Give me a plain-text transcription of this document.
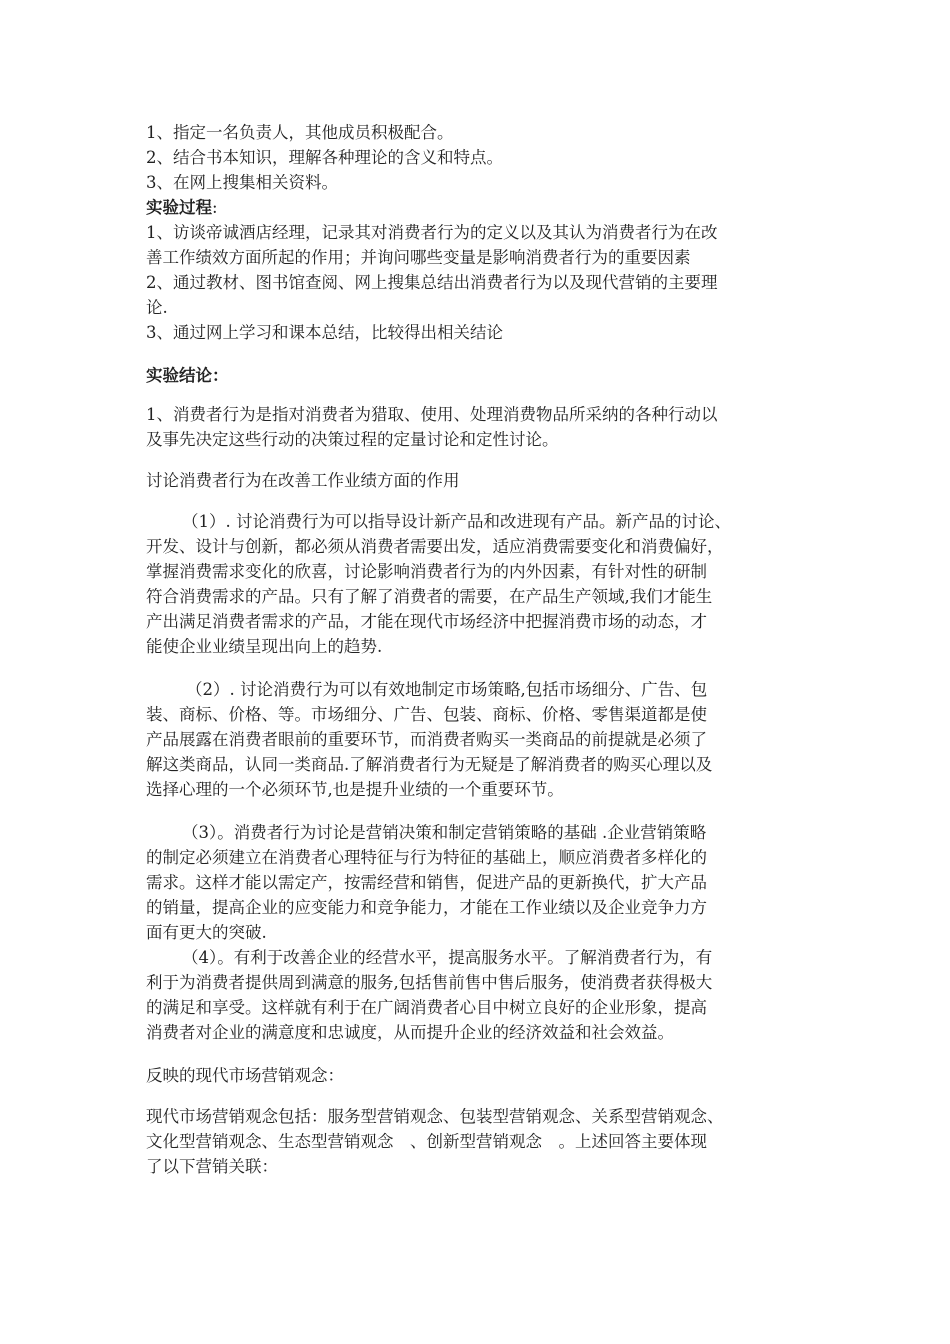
1、指定一名负责人，其他成员积极配合。
2、结合书本知识，理解各种理论的含义和特点。
3、在网上搜集相关资料。
实验过程:
1、访谈帝诚酒店经理，记录其对消费者行为的定义以及其认为消费者行为在改
善工作绩效方面所起的作用；并询问哪些变量是影响消费者行为的重要因素
2、通过教材、图书馆查阅、网上搜集总结出消费者行为以及现代营销的主要理
论.
3、通过网上学习和课本总结，比较得出相关结论
实验结论：
1、消费者行为是指对消费者为猎取、使用、处理消费物品所采纳的各种行动以
及事先决定这些行动的决策过程的定量讨论和定性讨论。
讨论消费者行为在改善工作业绩方面的作用
（1）. 讨论消费行为可以指导设计新产品和改进现有产品。新产品的讨论、
开发、设计与创新，都必须从消费者需要出发，适应消费需要变化和消费偏好，
掌握消费需求变化的欣喜，讨论影响消费者行为的内外因素，有针对性的研制
符合消费需求的产品。只有了解了消费者的需要，在产品生产领域,我们才能生
产出满足消费者需求的产品，才能在现代市场经济中把握消费市场的动态，才
能使企业业绩呈现出向上的趋势.
（2）. 讨论消费行为可以有效地制定市场策略,包括市场细分、广告、包
装、商标、价格、等。市场细分、广告、包装、商标、价格、零售渠道都是使
产品展露在消费者眼前的重要环节，而消费者购买一类商品的前提就是必须了
解这类商品，认同一类商品.了解消费者行为无疑是了解消费者的购买心理以及
选择心理的一个必须环节,也是提升业绩的一个重要环节。
（3）。消费者行为讨论是营销决策和制定营销策略的基础 .企业营销策略
的制定必须建立在消费者心理特征与行为特征的基础上，顺应消费者多样化的
需求。这样才能以需定产，按需经营和销售，促进产品的更新换代，扩大产品
的销量，提高企业的应变能力和竞争能力，才能在工作业绩以及企业竞争力方
面有更大的突破.
（4）。有利于改善企业的经营水平，提高服务水平。了解消费者行为，有
利于为消费者提供周到满意的服务,包括售前售中售后服务，使消费者获得极大
的满足和享受。这样就有利于在广阔消费者心目中树立良好的企业形象，提高
消费者对企业的满意度和忠诚度，从而提升企业的经济效益和社会效益。
反映的现代市场营销观念：
现代市场营销观念包括：服务型营销观念、包装型营销观念、关系型营销观念、
文化型营销观念、生态型营销观念　、创新型营销观念　。上述回答主要体现
了以下营销关联：
